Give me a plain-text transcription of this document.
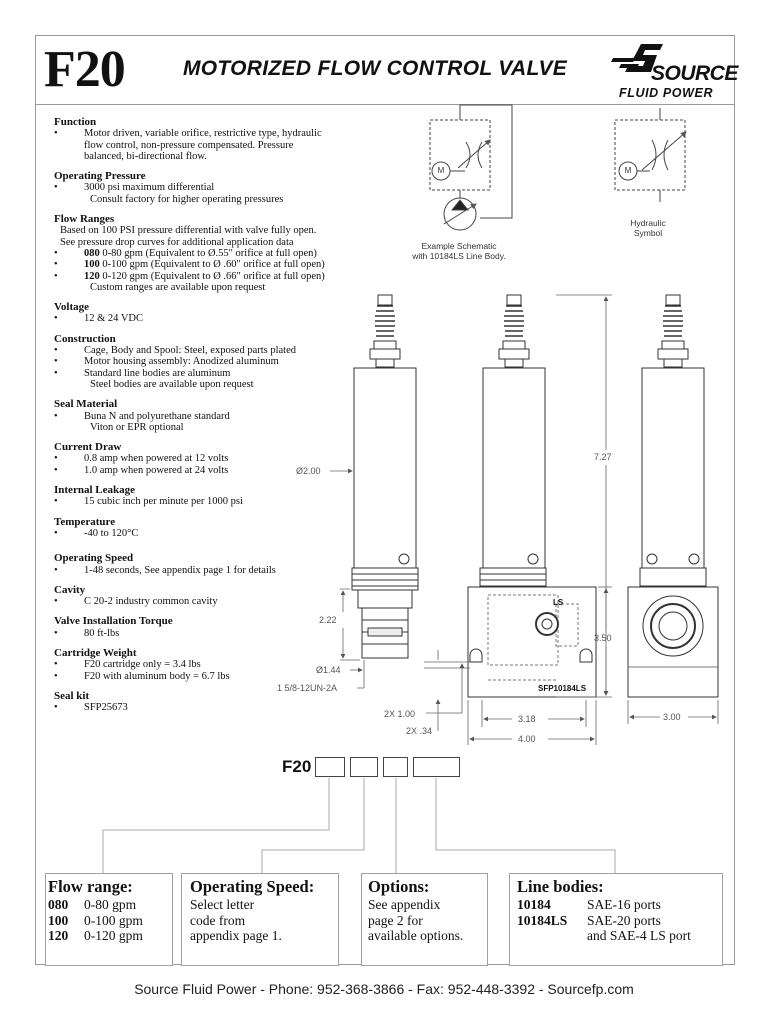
F20	MOTORIZED FLOW CONTROL VALVE	SOURCE
FLUID POWER
Function
•	Motor driven, variable orifice, restrictive type, hydraulic
flow control, non-pressure compensated. Pressure
balanced, bi-directional flow.
Operating Pressure
•	3000 psi maximum differential
Consult factory for higher operating pressures
Flow Ranges
Based on 100 PSI pressure differential with valve fully open.
See pressure drop curves for additional application data
•	080 0-80 gpm (Equivalent to Ø.55" orifice at full open)
•	100 0-100 gpm (Equivalent to Ø .60" orifice at full open)
•	120 0-120 gpm (Equivalent to Ø .66" orifice at full open)
Custom ranges are available upon request
Voltage
•	12 & 24 VDC
Construction
•	Cage, Body and Spool: Steel, exposed parts plated
•	Motor housing assembly: Anodized aluminum
•	Standard line bodies are aluminum
Steel bodies are available upon request
Seal Material
•	Buna N and polyurethane standard
Viton or EPR optional
Current Draw
•	0.8 amp when powered at 12 volts
•	1.0 amp when powered at 24 volts
Internal Leakage
•	15 cubic inch per minute per 1000 psi
Temperature
•	-40 to 120°C
Operating Speed
•	1-48 seconds, See appendix page 1 for details
Cavity
•	C 20-2 industry common cavity
Valve Installation Torque
•	80 ft-lbs
Cartridge Weight
•	F20 cartridge only = 3.4 lbs
•	F20 with aluminum body = 6.7 lbs
Seal kit
•	SFP25673
Example Schematic
with 10184LS Line Body.
Hydraulic
Symbol
M	M
Ø2.00
7.27
2.22
Ø1.44
1 5/8-12UN-2A
3.50
2X 1.00
2X .34
3.18
4.00
3.00
SFP10184LS
LS
F20
Flow range:
080	0-80 gpm
100	0-100 gpm
120	0-120 gpm
Operating Speed:
Select letter
code from
appendix page 1.
Options:
See appendix
page 2 for
available options.
Line bodies:
10184	SAE-16 ports
10184LS	SAE-20 ports
	and SAE-4 LS port
Source Fluid Power - Phone: 952-368-3866 - Fax: 952-448-3392 - Sourcefp.com
